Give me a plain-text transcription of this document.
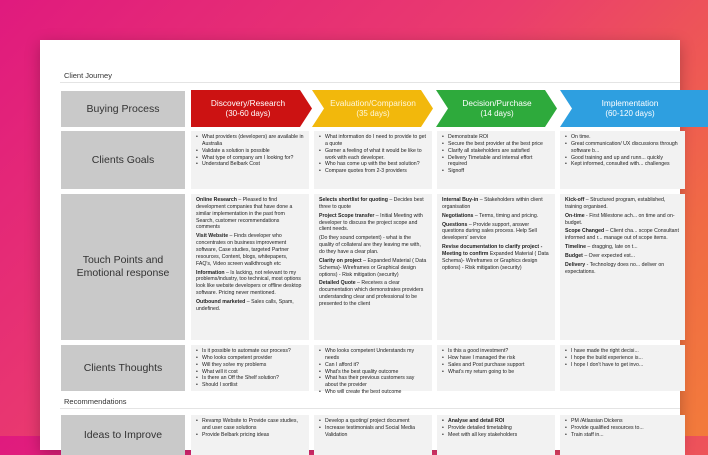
Client Journey
Buying Process
Clients Goals
Touch Points and Emotional response
Clients Thoughts
Recommendations
Ideas to Improve
Discovery/Research
(30-60 days)
Evaluation/Comparison
(35 days)
Decision/Purchase
(14 days)
Implementation
(60-120 days)
• What providers (developers) are available in Australia
• Validate a solution is possible
• What type of company am I looking for?
• Understand Belbark Cost
• What information do I need to provide to get a quote
• Garner a feeling of what it would be like to work with each developer.
• Who has come up with the best solution?
• Compare quotes from 2-3 providers
• Demonstrate ROI
• Secure the best provider at the best price
• Clarify all stakeholders are satisfied
• Delivery Timetable and internal effort required
• Signoff
• On time.
• Great communication/ UX discussions through software b...
• Good training and up and runn... quickly
• Kept informed, consulted with... challenges

Online Research – Pleased to find development companies that have done a similar implementation in the past from Search, customer recommendations comments

Visit Website – Finds developer who concentrates on business improvement software, Case studies, targeted Partner resources, Content, blogs, whitepapers, FAQ's, Video screen walkthrough etc

Information – Is lacking, not relevant to my problems/industry, too technical, most options look like website developers or offline desktop software. Pricing never mentioned.

Outbound marketed – Sales calls, Spam, undefined.

Selects shortlist for quoting – Decides best three to quote

Project Scope transfer – Initial Meeting with developer to discuss the project scope and client needs.

(Do they sound competent) - what is the quality of collateral are they leaving me with, do they have a clear plan.

Clarity on project – Expanded Material ( Data Schema)- Wireframes or Graphical design options) - Risk mitigation (security)

Detailed Quote – Receives a clear documentation which demonstrates providers understanding clear and professional to be presented to the client

Internal Buy-in – Stakeholders within client organisation

Negotiations – Terms, timing and pricing.

Questions – Provide support, answer questions during sales process. Help Sell developers' service

Revise documentation to clarify project - Meeting to confirm Expanded Material ( Data Schema)- Wireframes or Graphics design options) - Risk mitigation (security)

Kick-off – Structured program, established, training organised.

On-time - First Milestone ach... on time and on-budget.

Scope Changed – Client cha... scope Consultant informed and r... manage out of scope items.

Timeline – dragging, late on t...

Budget – Over expected est...

Delivery - Technology does no... deliver on expectations.

• Is it possible to automate our process?
• Who looks competent provider
• Will they solve my problems
• What will it cost
• Is there an Off the Shelf solution?
• Should I sortlist
• Who looks competent Understands my needs
• Can I afford it?
• What's the best quality outcome
• What has their previous customers say about the provider
• Who will create the best outcome
• Is this a good investment?
• How have I managed the risk
• Sales and Post purchase support
• What's my return going to be
• I have made the right decisi...
• I hope the build experience is...
• I hope I don't have to get invo...
• Revamp Website to Provide case studies, and user case solutions
• Provide Belbark pricing ideas
• Develop a quoting/ project document
• Increase testimonials and Social Media Validation
• Analyse and detail ROI
• Provide detailed timetabling
• Meet with all key stakeholders
• PM /Atlassian Dickens
• Provide qualified resources to...
• Train staff in...
